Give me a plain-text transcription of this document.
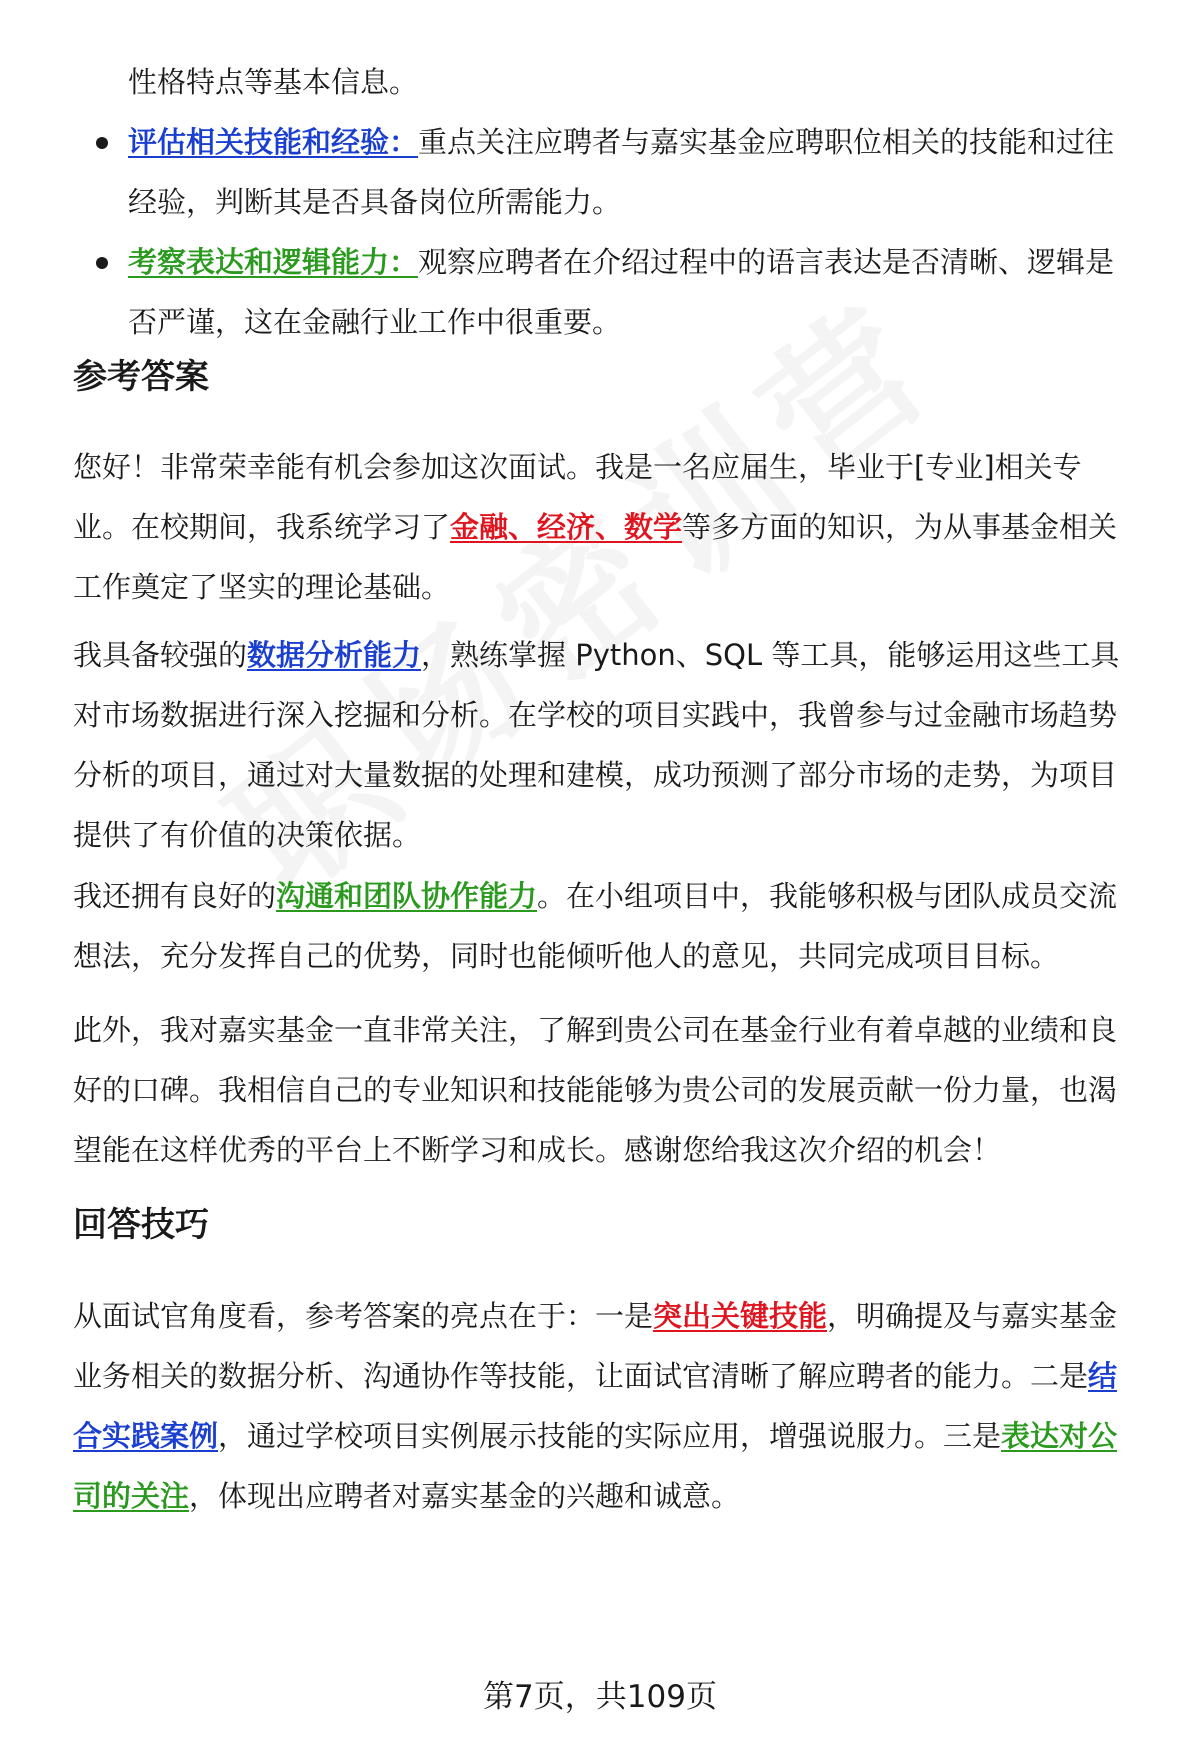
性格特点等基本信息。

评估相关技能和经验：重点关注应聘者与嘉实基金应聘职位相关的技能和过往
经验，判断其是否具备岗位所需能力。
考察表达和逻辑能力：观察应聘者在介绍过程中的语言表达是否清晰、逻辑是
否严谨，这在金融行业工作中很重要。
参考答案

您好！非常荣幸能有机会参加这次面试。我是一名应届生，毕业于[专业]相关专
业。在校期间，我系统学习了金融、经济、数学等多方面的知识，为从事基金相关
工作奠定了坚实的理论基础。

我具备较强的数据分析能力，熟练掌握 Python、SQL 等工具，能够运用这些工具
对市场数据进行深入挖掘和分析。在学校的项目实践中，我曾参与过金融市场趋势
分析的项目，通过对大量数据的处理和建模，成功预测了部分市场的走势，为项目
提供了有价值的决策依据。

我还拥有良好的沟通和团队协作能力。在小组项目中，我能够积极与团队成员交流
想法，充分发挥自己的优势，同时也能倾听他人的意见，共同完成项目目标。

此外，我对嘉实基金一直非常关注，了解到贵公司在基金行业有着卓越的业绩和良
好的口碑。我相信自己的专业知识和技能能够为贵公司的发展贡献一份力量，也渴
望能在这样优秀的平台上不断学习和成长。感谢您给我这次介绍的机会！

回答技巧

从面试官角度看，参考答案的亮点在于：一是突出关键技能，明确提及与嘉实基金
业务相关的数据分析、沟通协作等技能，让面试官清晰了解应聘者的能力。二是结
合实践案例，通过学校项目实例展示技能的实际应用，增强说服力。三是表达对公
司的关注，体现出应聘者对嘉实基金的兴趣和诚意。

第7页，共109页
